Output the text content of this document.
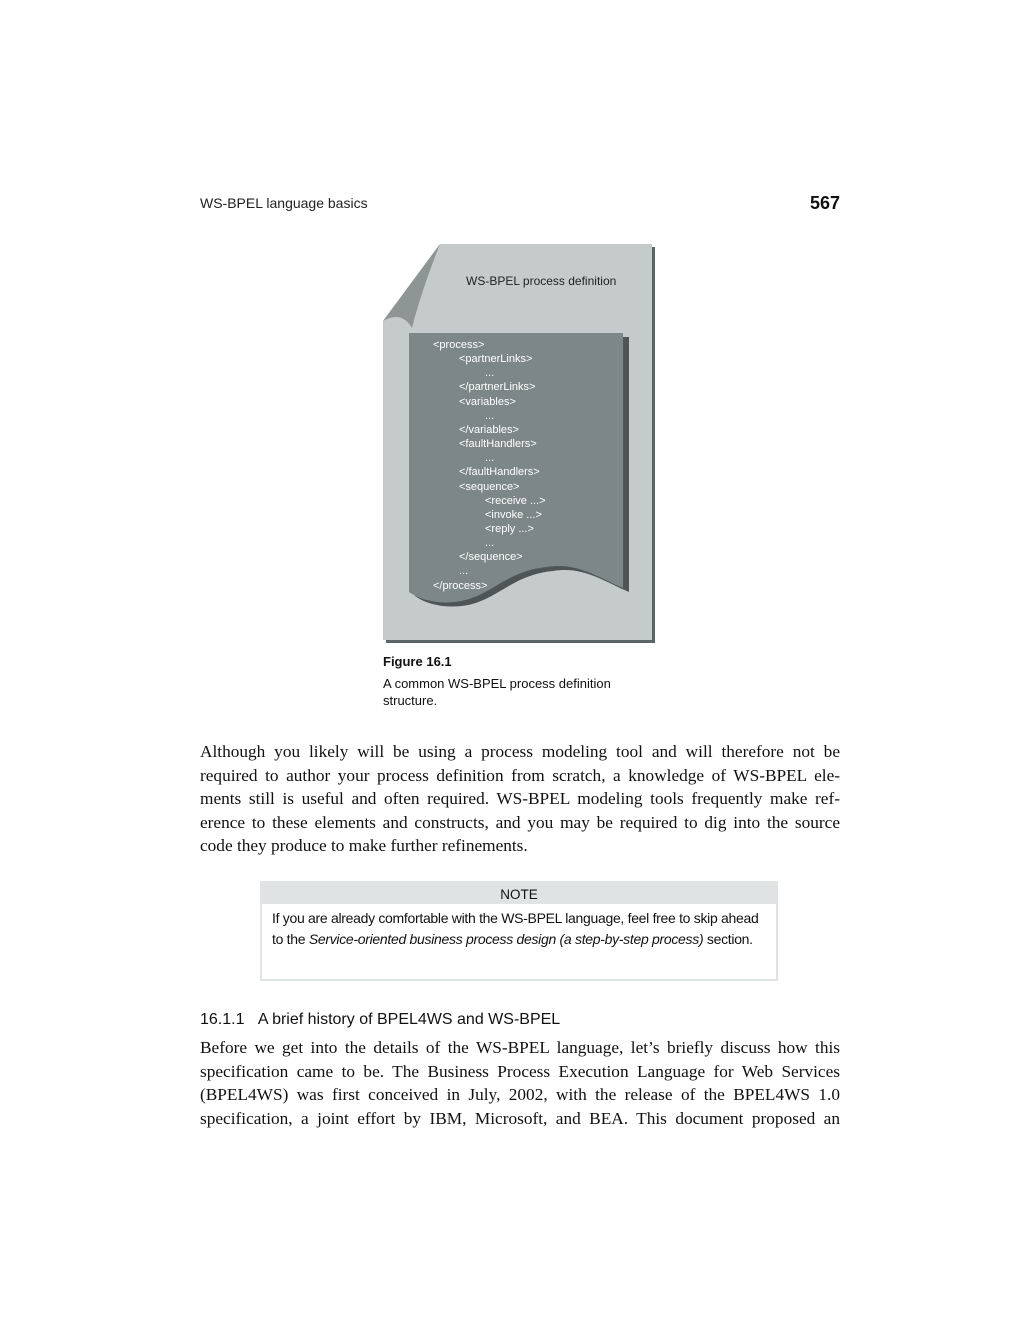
WS-BPEL language basics	567
WS-BPEL process definition
<process>
<partnerLinks>
...
</partnerLinks>
<variables>
...
</variables>
<faultHandlers>
...
</faultHandlers>
<sequence>
<receive ...>
<invoke ...>
<reply ...>
...
</sequence>
...
</process>
Figure 16.1
A common WS-BPEL process definition structure.
Although you likely will be using a process modeling tool and will therefore not be
required to author your process definition from scratch, a knowledge of WS-BPEL ele-
ments still is useful and often required. WS-BPEL modeling tools frequently make ref-
erence to these elements and constructs, and you may be required to dig into the source
code they produce to make further refinements.
NOTE
If you are already comfortable with the WS-BPEL language, feel free to skip ahead to the Service-oriented business process design (a step-by-step process) section.
16.1.1 A brief history of BPEL4WS and WS-BPEL
Before we get into the details of the WS-BPEL language, let’s briefly discuss how this
specification came to be. The Business Process Execution Language for Web Services
(BPEL4WS) was first conceived in July, 2002, with the release of the BPEL4WS 1.0
specification, a joint effort by IBM, Microsoft, and BEA. This document proposed an
